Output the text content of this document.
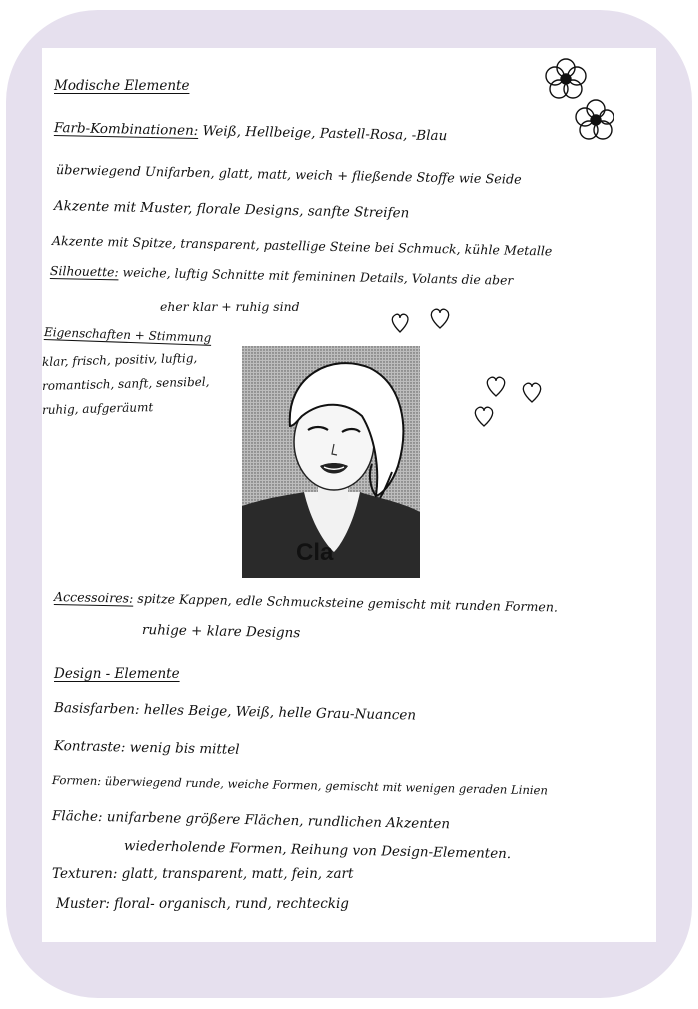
Modische Elemente

Farb-Kombinationen: Weiß, Hellbeige, Pastell-Rosa, -Blau

überwiegend Unifarben, glatt, matt, weich + fließende Stoffe wie Seide

Akzente mit Muster, florale Designs, sanfte Streifen

Akzente mit Spitze, transparent, pastellige Steine bei Schmuck, kühle Metalle

Silhouette: weiche, luftig Schnitte mit femininen Details, Volants die aber

eher klar + ruhig sind

Eigenschaften + Stimmung

klar, frisch, positiv, luftig,

romantisch, sanft, sensibel,

ruhig, aufgeräumt

Cla

Accessoires: spitze Kappen, edle Schmucksteine gemischt mit runden Formen.

ruhige + klare Designs

Design - Elemente

Basisfarben: helles Beige, Weiß, helle Grau-Nuancen

Kontraste: wenig bis mittel

Formen: überwiegend runde, weiche Formen, gemischt mit wenigen geraden Linien

Fläche: unifarbene größere Flächen, rundlichen Akzenten

wiederholende Formen, Reihung von Design-Elementen.

Texturen: glatt, transparent, matt, fein, zart

Muster: floral- organisch, rund, rechteckig
